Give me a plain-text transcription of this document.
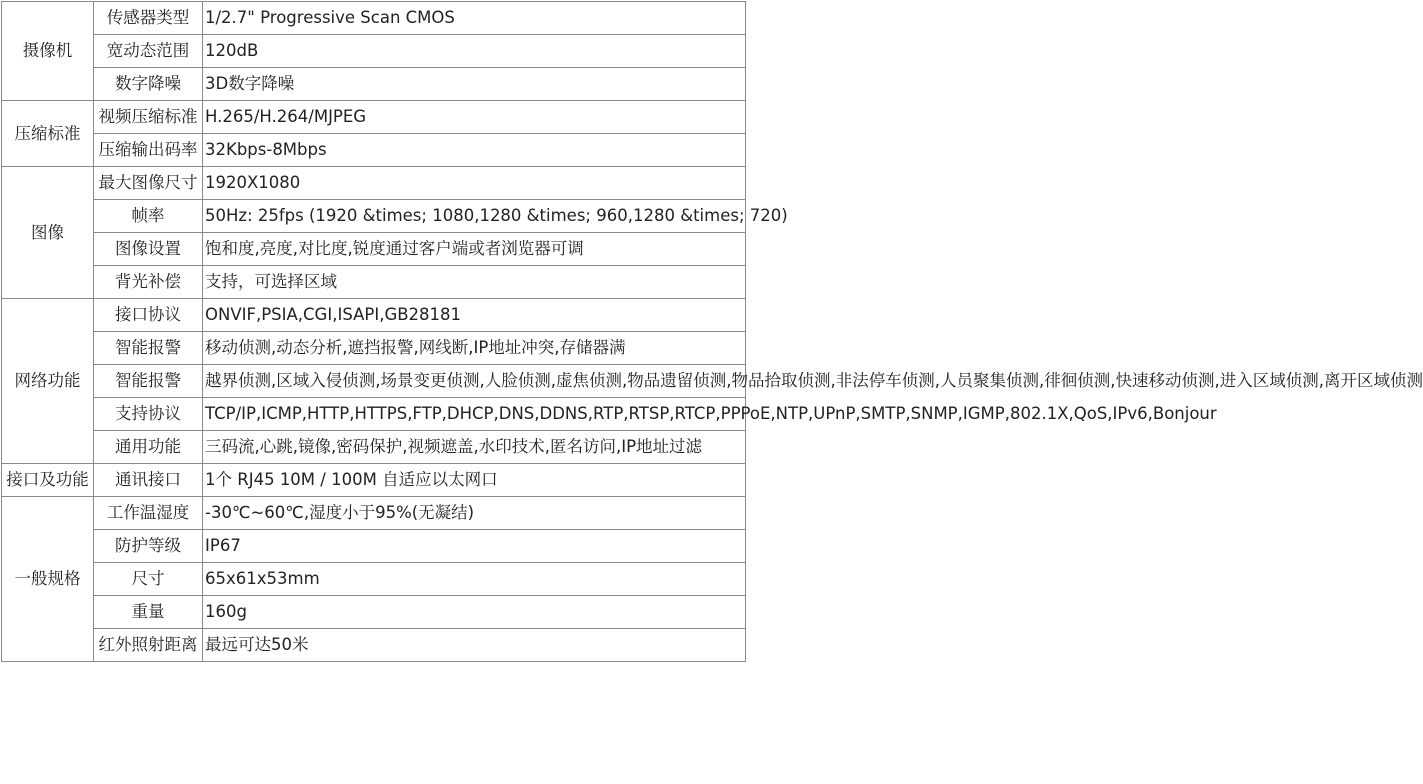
摄像机	传感器类型	1/2.7" Progressive Scan CMOS
	宽动态范围	120dB
	数字降噪	3D数字降噪
压缩标准	视频压缩标准	H.265/H.264/MJPEG
	压缩输出码率	32Kbps-8Mbps
图像	最大图像尺寸	1920X1080
	帧率	50Hz: 25fps (1920 &times; 1080,1280 &times; 960,1280 &times; 720)
	图像设置	饱和度,亮度,对比度,锐度通过客户端或者浏览器可调
	背光补偿	支持，可选择区域
网络功能	接口协议	ONVIF,PSIA,CGI,ISAPI,GB28181
	智能报警	移动侦测,动态分析,遮挡报警,网线断,IP地址冲突,存储器满
	智能报警	越界侦测,区域入侵侦测,场景变更侦测,人脸侦测,虚焦侦测,物品遗留侦测,物品拾取侦测,非法停车侦测,人员聚集侦测,徘徊侦测,快速移动侦测,进入区域侦测,离开区域侦测
	支持协议	TCP/IP,ICMP,HTTP,HTTPS,FTP,DHCP,DNS,DDNS,RTP,RTSP,RTCP,PPPoE,NTP,UPnP,SMTP,SNMP,IGMP,802.1X,QoS,IPv6,Bonjour
	通用功能	三码流,心跳,镜像,密码保护,视频遮盖,水印技术,匿名访问,IP地址过滤
接口及功能	通讯接口	1个 RJ45 10M / 100M 自适应以太网口
一般规格	工作温湿度	-30℃~60℃,湿度小于95%(无凝结)
	防护等级	IP67
	尺寸	65x61x53mm
	重量	160g
	红外照射距离	最远可达50米
